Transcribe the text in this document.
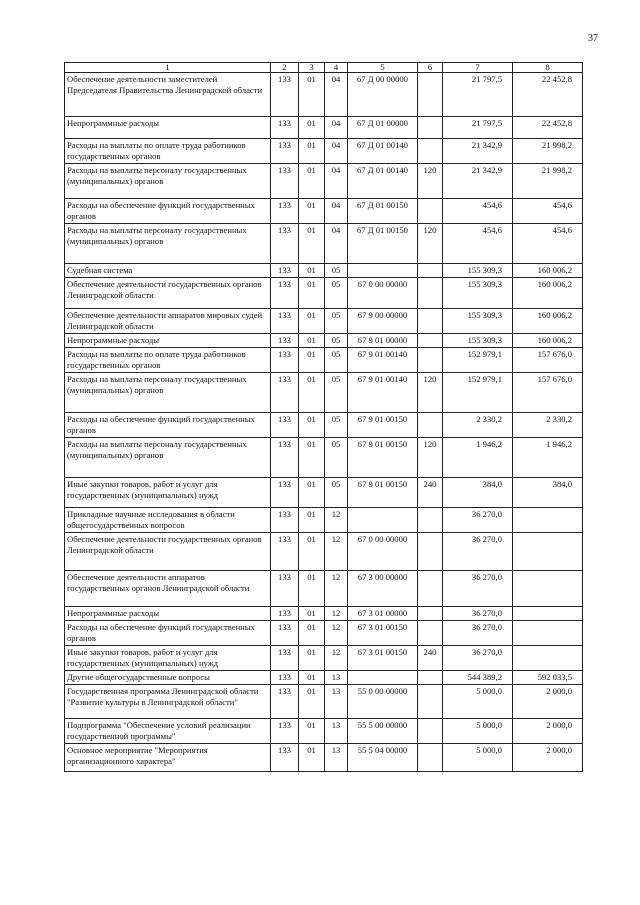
37
1	2	3	4	5	6	7	8
Обеспечение деятельности заместителей Председателя Правительства Ленинградской области	133	01	04	67 Д 00 00000		21 797,5	22 452,8
Непрограммные расходы	133	01	04	67 Д 01 00000		21 797,5	22 452,8
Расходы на выплаты по оплате труда работников государственных органов	133	01	04	67 Д 01 00140		21 342,9	21 998,2
Расходы на выплаты персоналу государственных (муниципальных) органов	133	01	04	67 Д 01 00140	120	21 342,9	21 998,2
Расходы на обеспечение функций государственных органов	133	01	04	67 Д 01 00150		454,6	454,6
Расходы на выплаты персоналу государственных (муниципальных) органов	133	01	04	67 Д 01 00150	120	454,6	454,6
Судебная система	133	01	05			155 309,3	160 006,2
Обеспечение деятельности государственных органов Ленинградской области	133	01	05	67 0 00 00000		155 309,3	160 006,2
Обеспечение деятельности аппаратов мировых судей Ленинградской области	133	01	05	67 9 00 00000		155 309,3	160 006,2
Непрограммные расходы	133	01	05	67 9 01 00000		155 309,3	160 006,2
Расходы на выплаты по оплате труда работников государственных органов	133	01	05	67 9 01 00140		152 979,1	157 676,0
Расходы на выплаты персоналу государственных (муниципальных) органов	133	01	05	67 9 01 00140	120	152 979,1	157 676,0
Расходы на обеспечение функций государственных органов	133	01	05	67 9 01 00150		2 330,2	2 330,2
Расходы на выплаты персоналу государственных (муниципальных) органов	133	01	05	67 9 01 00150	120	1 946,2	1 946,2
Иные закупки товаров, работ и услуг для государственных (муниципальных) нужд	133	01	05	67 9 01 00150	240	384,0	384,0
Прикладные научные исследования в области общегосударственных вопросов	133	01	12			36 270,0	
Обеспечение деятельности государственных органов Ленинградской области	133	01	12	67 0 00 00000		36 270,0	
Обеспечение деятельности аппаратов государственных органов Ленинградской области	133	01	12	67 3 00 00000		36 270,0	
Непрограммные расходы	133	01	12	67 3 01 00000		36 270,0	
Расходы на обеспечение функций государственных органов	133	01	12	67 3 01 00150		36 270,0	
Иные закупки товаров, работ и услуг для государственных (муниципальных) нужд	133	01	12	67 3 01 00150	240	36 270,0	
Другие общегосударственные вопросы	133	01	13			544 389,2	592 033,5
Государственная программа Ленинградской области "Развитие культуры в Ленинградской области"	133	01	13	55 0 00 00000		5 000,0	2 000,0
Подпрограмма "Обеспечение условий реализации государственной программы"	133	01	13	55 5 00 00000		5 000,0	2 000,0
Основное мероприятие "Мероприятия организационного характера"	133	01	13	55 5 04 00000		5 000,0	2 000,0
